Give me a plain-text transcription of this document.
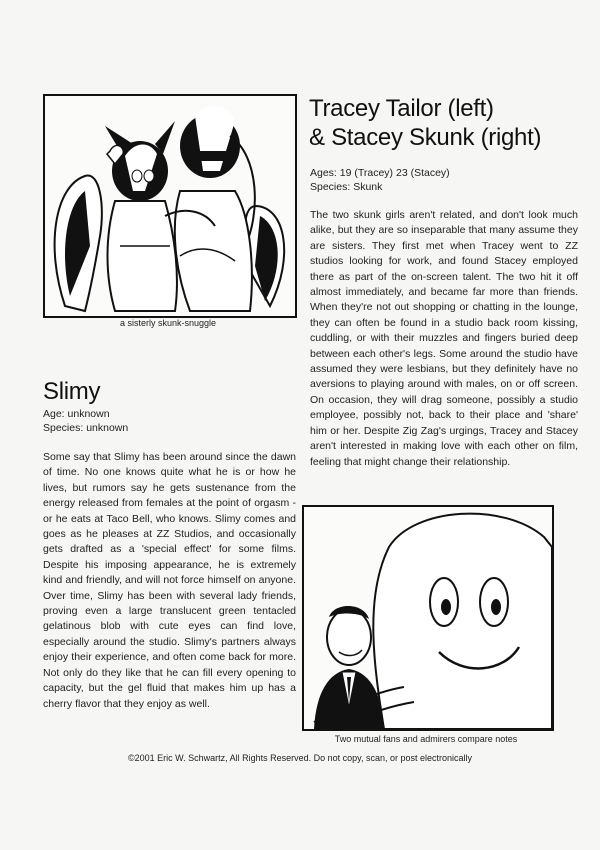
a sisterly skunk-snuggle
Tracey Tailor (left)
& Stacey Skunk (right)
Ages: 19 (Tracey) 23 (Stacey)
Species: Skunk

The two skunk girls aren't related, and don't look much alike, but they are so inseparable that many assume they are sisters. They first met when Tracey went to ZZ studios looking for work, and found Stacey employed there as part of the on-screen talent. The two hit it off almost immediately, and became far more than friends. When they're not out shopping or chatting in the lounge, they can often be found in a studio back room kissing, cuddling, or with their muzzles and fingers buried deep between each other's legs. Some around the studio have assumed they were lesbians, but they definitely have no aversions to playing around with males, on or off screen. On occasion, they will drag someone, possibly a studio employee, possibly not, back to their place and 'share' him or her. Despite Zig Zag's urgings, Tracey and Stacey aren't interested in making love with each other on film, feeling that might change their relationship.

Slimy
Age: unknown
Species: unknown

Some say that Slimy has been around since the dawn of time. No one knows quite what he is or how he lives, but rumors say he gets sustenance from the energy released from females at the point of orgasm - or he eats at Taco Bell, who knows. Slimy comes and goes as he pleases at ZZ Studios, and occasionally gets drafted as a 'special effect' for some films. Despite his imposing appearance, he is extremely kind and friendly, and will not force himself on anyone. Over time, Slimy has been with several lady friends, proving even a large translucent green tentacled gelatinous blob with cute eyes can find love, especially around the studio. Slimy's partners always enjoy their experience, and often come back for more. Not only do they like that he can fill every opening to capacity, but the gel fluid that makes him up has a cherry flavor that they enjoy as well.

Two mutual fans and admirers compare notes
©2001 Eric W. Schwartz, All Rights Reserved. Do not copy, scan, or post electronically
